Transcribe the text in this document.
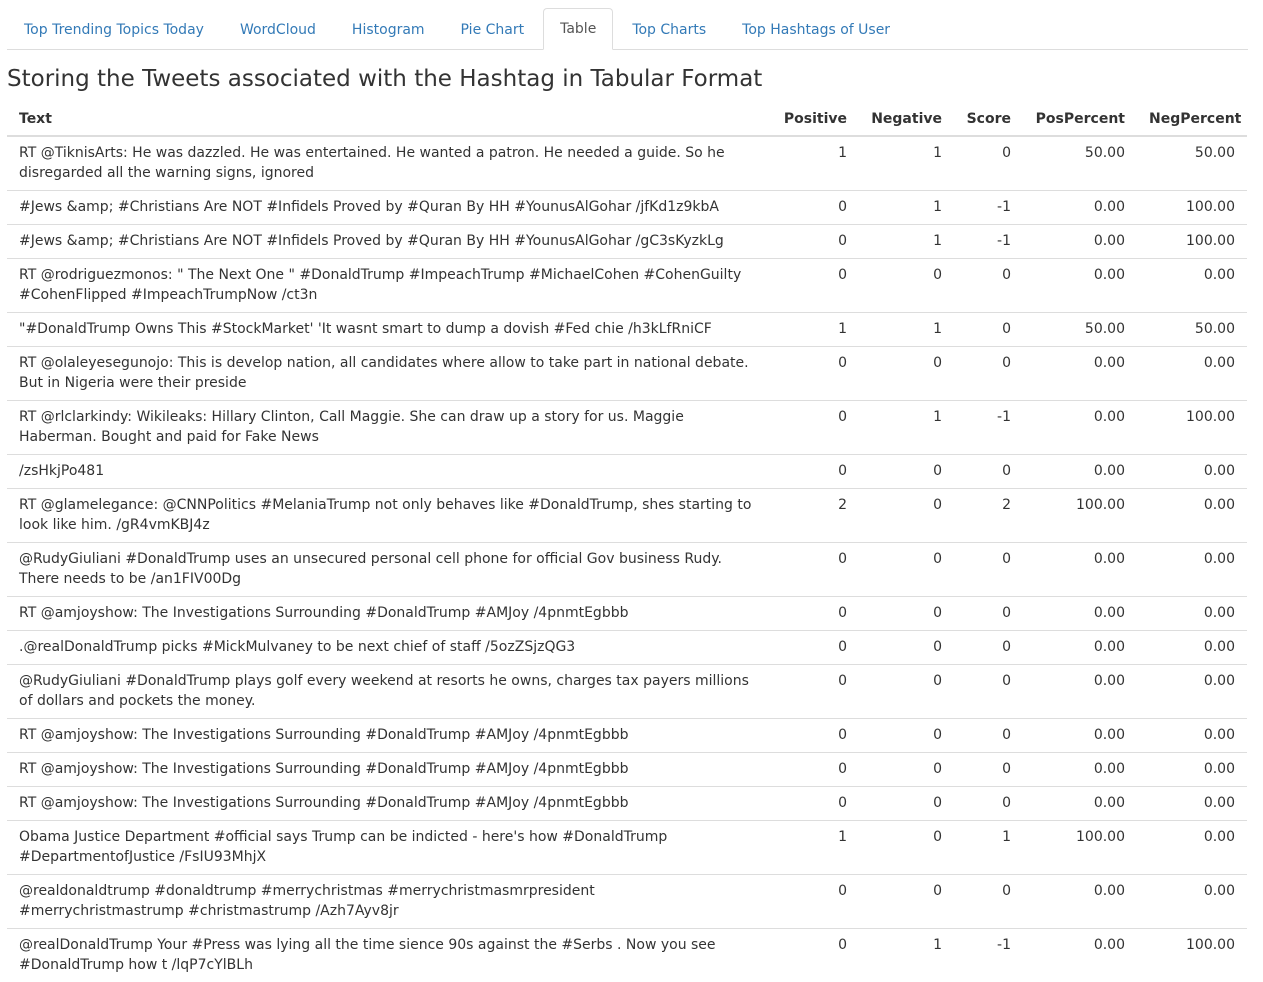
Top Trending Topics Today	WordCloud	Histogram	Pie Chart	Table	Top Charts	Top Hashtags of User
Storing the Tweets associated with the Hashtag in Tabular Format
Text	Positive	Negative	Score	PosPercent	NegPercent
RT @TiknisArts: He was dazzled. He was entertained. He wanted a patron. He needed a guide. So he disregarded all the warning signs, ignored	1	1	0	50.00	50.00
#Jews &amp; #Christians Are NOT #Infidels Proved by #Quran By HH #YounusAlGohar /jfKd1z9kbA	0	1	-1	0.00	100.00
#Jews &amp; #Christians Are NOT #Infidels Proved by #Quran By HH #YounusAlGohar /gC3sKyzkLg	0	1	-1	0.00	100.00
RT @rodriguezmonos: " The Next One " #DonaldTrump #ImpeachTrump #MichaelCohen #CohenGuilty #CohenFlipped #ImpeachTrumpNow /ct3n	0	0	0	0.00	0.00
"#DonaldTrump Owns This #StockMarket' 'It wasnt smart to dump a dovish #Fed chie /h3kLfRniCF	1	1	0	50.00	50.00
RT @olaleyesegunojo: This is develop nation, all candidates where allow to take part in national debate. But in Nigeria were their preside	0	0	0	0.00	0.00
RT @rlclarkindy: Wikileaks: Hillary Clinton, Call Maggie. She can draw up a story for us. Maggie Haberman. Bought and paid for Fake News	0	1	-1	0.00	100.00
/zsHkjPo481	0	0	0	0.00	0.00
RT @glamelegance: @CNNPolitics #MelaniaTrump not only behaves like #DonaldTrump, shes starting to look like him. /gR4vmKBJ4z	2	0	2	100.00	0.00
@RudyGiuliani #DonaldTrump uses an unsecured personal cell phone for official Gov business Rudy. There needs to be /an1FIV00Dg	0	0	0	0.00	0.00
RT @amjoyshow: The Investigations Surrounding #DonaldTrump #AMJoy /4pnmtEgbbb	0	0	0	0.00	0.00
.@realDonaldTrump picks #MickMulvaney to be next chief of staff /5ozZSjzQG3	0	0	0	0.00	0.00
@RudyGiuliani #DonaldTrump plays golf every weekend at resorts he owns, charges tax payers millions of dollars and pockets the money.	0	0	0	0.00	0.00
RT @amjoyshow: The Investigations Surrounding #DonaldTrump #AMJoy /4pnmtEgbbb	0	0	0	0.00	0.00
RT @amjoyshow: The Investigations Surrounding #DonaldTrump #AMJoy /4pnmtEgbbb	0	0	0	0.00	0.00
RT @amjoyshow: The Investigations Surrounding #DonaldTrump #AMJoy /4pnmtEgbbb	0	0	0	0.00	0.00
Obama Justice Department #official says Trump can be indicted - here's how #DonaldTrump #DepartmentofJustice /FsIU93MhjX	1	0	1	100.00	0.00
@realdonaldtrump #donaldtrump #merrychristmas #merrychristmasmrpresident #merrychristmastrump #christmastrump /Azh7Ayv8jr	0	0	0	0.00	0.00
@realDonaldTrump Your #Press was lying all the time sience 90s against the #Serbs . Now you see #DonaldTrump how t /lqP7cYlBLh	0	1	-1	0.00	100.00
